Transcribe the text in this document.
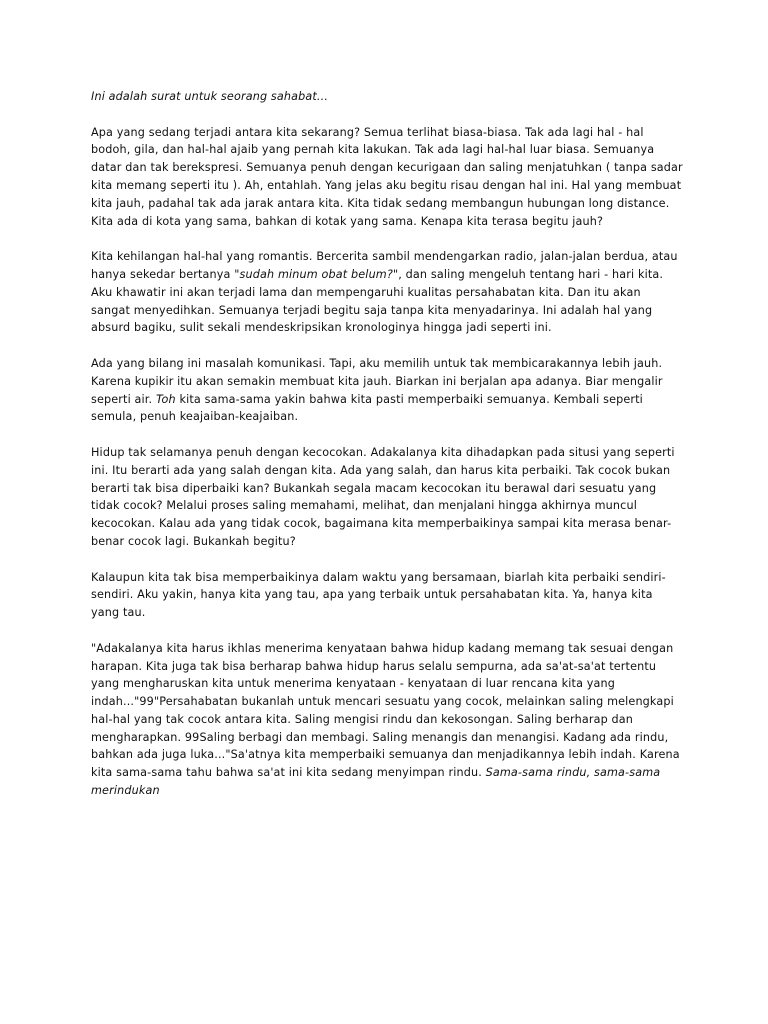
Ini adalah surat untuk seorang sahabat...

Apa yang sedang terjadi antara kita sekarang? Semua terlihat biasa-biasa. Tak ada lagi hal - hal bodoh, gila, dan hal-hal ajaib yang pernah kita lakukan. Tak ada lagi hal-hal luar biasa. Semuanya datar dan tak berekspresi. Semuanya penuh dengan kecurigaan dan saling menjatuhkan ( tanpa sadar kita memang seperti itu ). Ah, entahlah. Yang jelas aku begitu risau dengan hal ini. Hal yang membuat kita jauh, padahal tak ada jarak antara kita. Kita tidak sedang membangun hubungan long distance. Kita ada di kota yang sama, bahkan di kotak yang sama. Kenapa kita terasa begitu jauh?

Kita kehilangan hal-hal yang romantis. Bercerita sambil mendengarkan radio, jalan-jalan berdua, atau hanya sekedar bertanya "sudah minum obat belum?", dan saling mengeluh tentang hari - hari kita. Aku khawatir ini akan terjadi lama dan mempengaruhi kualitas persahabatan kita. Dan itu akan sangat menyedihkan. Semuanya terjadi begitu saja tanpa kita menyadarinya. Ini adalah hal yang absurd bagiku, sulit sekali mendeskripsikan kronologinya hingga jadi seperti ini.

Ada yang bilang ini masalah komunikasi. Tapi, aku memilih untuk tak membicarakannya lebih jauh. Karena kupikir itu akan semakin membuat kita jauh. Biarkan ini berjalan apa adanya. Biar mengalir seperti air. Toh kita sama-sama yakin bahwa kita pasti memperbaiki semuanya. Kembali seperti semula, penuh keajaiban-keajaiban.

Hidup tak selamanya penuh dengan kecocokan. Adakalanya kita dihadapkan pada situsi yang seperti ini. Itu berarti ada yang salah dengan kita. Ada yang salah, dan harus kita perbaiki. Tak cocok bukan berarti tak bisa diperbaiki kan? Bukankah segala macam kecocokan itu berawal dari sesuatu yang tidak cocok? Melalui proses saling memahami, melihat, dan menjalani hingga akhirnya muncul kecocokan. Kalau ada yang tidak cocok, bagaimana kita memperbaikinya sampai kita merasa benar-benar cocok lagi. Bukankah begitu?

Kalaupun kita tak bisa memperbaikinya dalam waktu yang bersamaan, biarlah kita perbaiki sendiri-sendiri. Aku yakin, hanya kita yang tau, apa yang terbaik untuk persahabatan kita. Ya, hanya kita yang tau.

"Adakalanya kita harus ikhlas menerima kenyataan bahwa hidup kadang memang tak sesuai dengan harapan. Kita juga tak bisa berharap bahwa hidup harus selalu sempurna, ada sa'at-sa'at tertentu yang mengharuskan kita untuk menerima kenyataan - kenyataan di luar rencana kita yang indah..."99"Persahabatan bukanlah untuk mencari sesuatu yang cocok, melainkan saling melengkapi hal-hal yang tak cocok antara kita. Saling mengisi rindu dan kekosongan. Saling berharap dan mengharapkan. 99Saling berbagi dan membagi. Saling menangis dan menangisi. Kadang ada rindu, bahkan ada juga luka..."Sa'atnya kita memperbaiki semuanya dan menjadikannya lebih indah. Karena kita sama-sama tahu bahwa sa'at ini kita sedang menyimpan rindu. Sama-sama rindu, sama-sama merindukan
